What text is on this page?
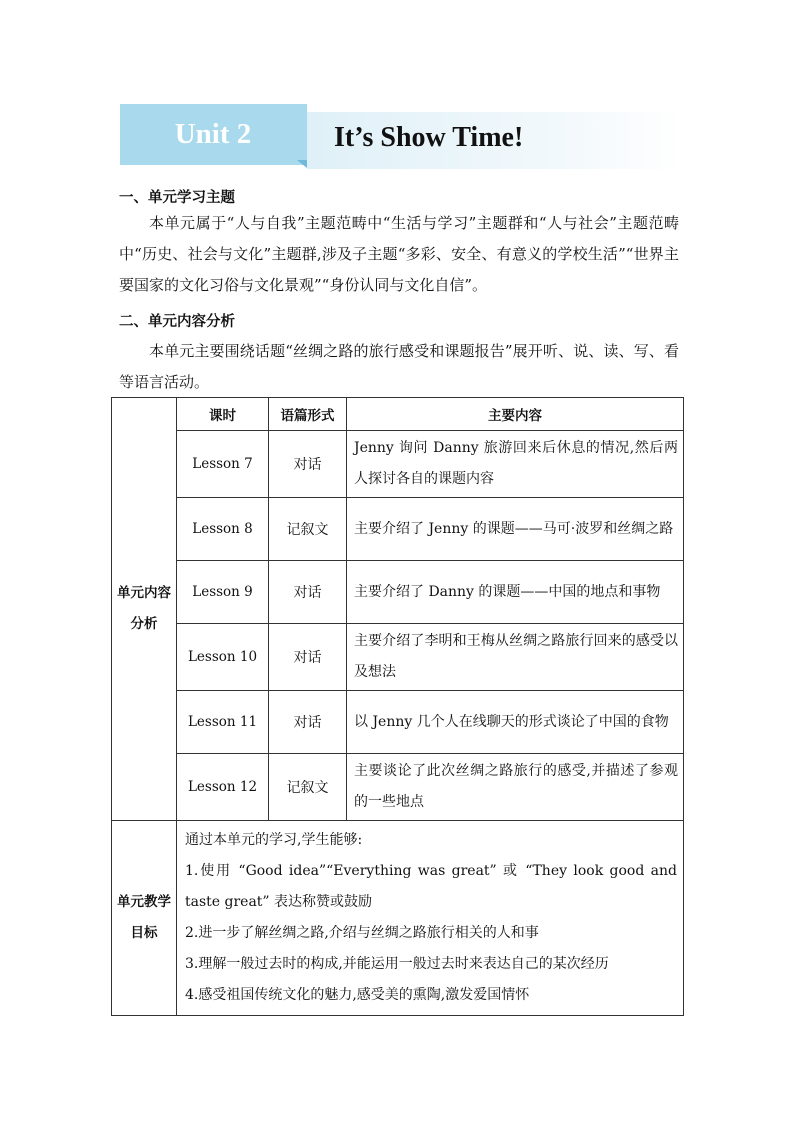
Unit 2	It’s Show Time!
一、单元学习主题
本单元属于“人与自我”主题范畴中“生活与学习”主题群和“人与社会”主题范畴中“历史、社会与文化”主题群,涉及子主题“多彩、安全、有意义的学校生活”“世界主要国家的文化习俗与文化景观”“身份认同与文化自信”。
二、单元内容分析
本单元主要围绕话题“丝绸之路的旅行感受和课题报告”展开听、说、读、写、看等语言活动。
单元内容分析	课时	语篇形式	主要内容
	Lesson 7	对话	Jenny 询问 Danny 旅游回来后休息的情况,然后两人探讨各自的课题内容
	Lesson 8	记叙文	主要介绍了 Jenny 的课题——马可·波罗和丝绸之路
	Lesson 9	对话	主要介绍了 Danny 的课题——中国的地点和事物
	Lesson 10	对话	主要介绍了李明和王梅从丝绸之路旅行回来的感受以及想法
	Lesson 11	对话	以 Jenny 几个人在线聊天的形式谈论了中国的食物
	Lesson 12	记叙文	主要谈论了此次丝绸之路旅行的感受,并描述了参观的一些地点
单元教学目标	通过本单元的学习,学生能够:
1.使用 “Good idea”“Everything was great” 或 “They look good and taste great” 表达称赞或鼓励
2.进一步了解丝绸之路,介绍与丝绸之路旅行相关的人和事
3.理解一般过去时的构成,并能运用一般过去时来表达自己的某次经历
4.感受祖国传统文化的魅力,感受美的熏陶,激发爱国情怀		
